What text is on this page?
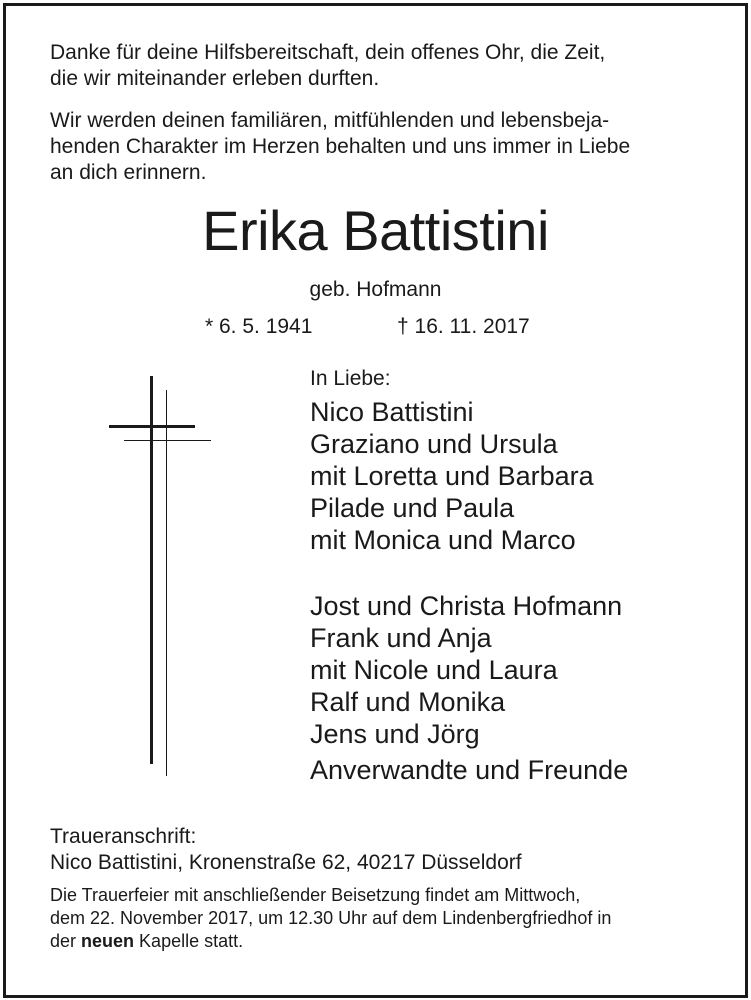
Danke für deine Hilfsbereitschaft, dein offenes Ohr, die Zeit,

die wir miteinander erleben durften.

Wir werden deinen familiären, mitfühlenden und lebensbeja-

henden Charakter im Herzen behalten und uns immer in Liebe

an dich erinnern.

Erika Battistini
geb. Hofmann
* 6. 5. 1941	† 16. 11. 2017
In Liebe:
Nico Battistini
Graziano und Ursula
mit Loretta und Barbara
Pilade und Paula
mit Monica und Marco
Jost und Christa Hofmann
Frank und Anja
mit Nicole und Laura
Ralf und Monika
Jens und Jörg
Anverwandte und Freunde
Traueranschrift:
Nico Battistini, Kronenstraße 62, 40217 Düsseldorf

Die Trauerfeier mit anschließender Beisetzung findet am Mittwoch,

dem 22. November 2017, um 12.30 Uhr auf dem Lindenbergfriedhof in

der neuen Kapelle statt.
